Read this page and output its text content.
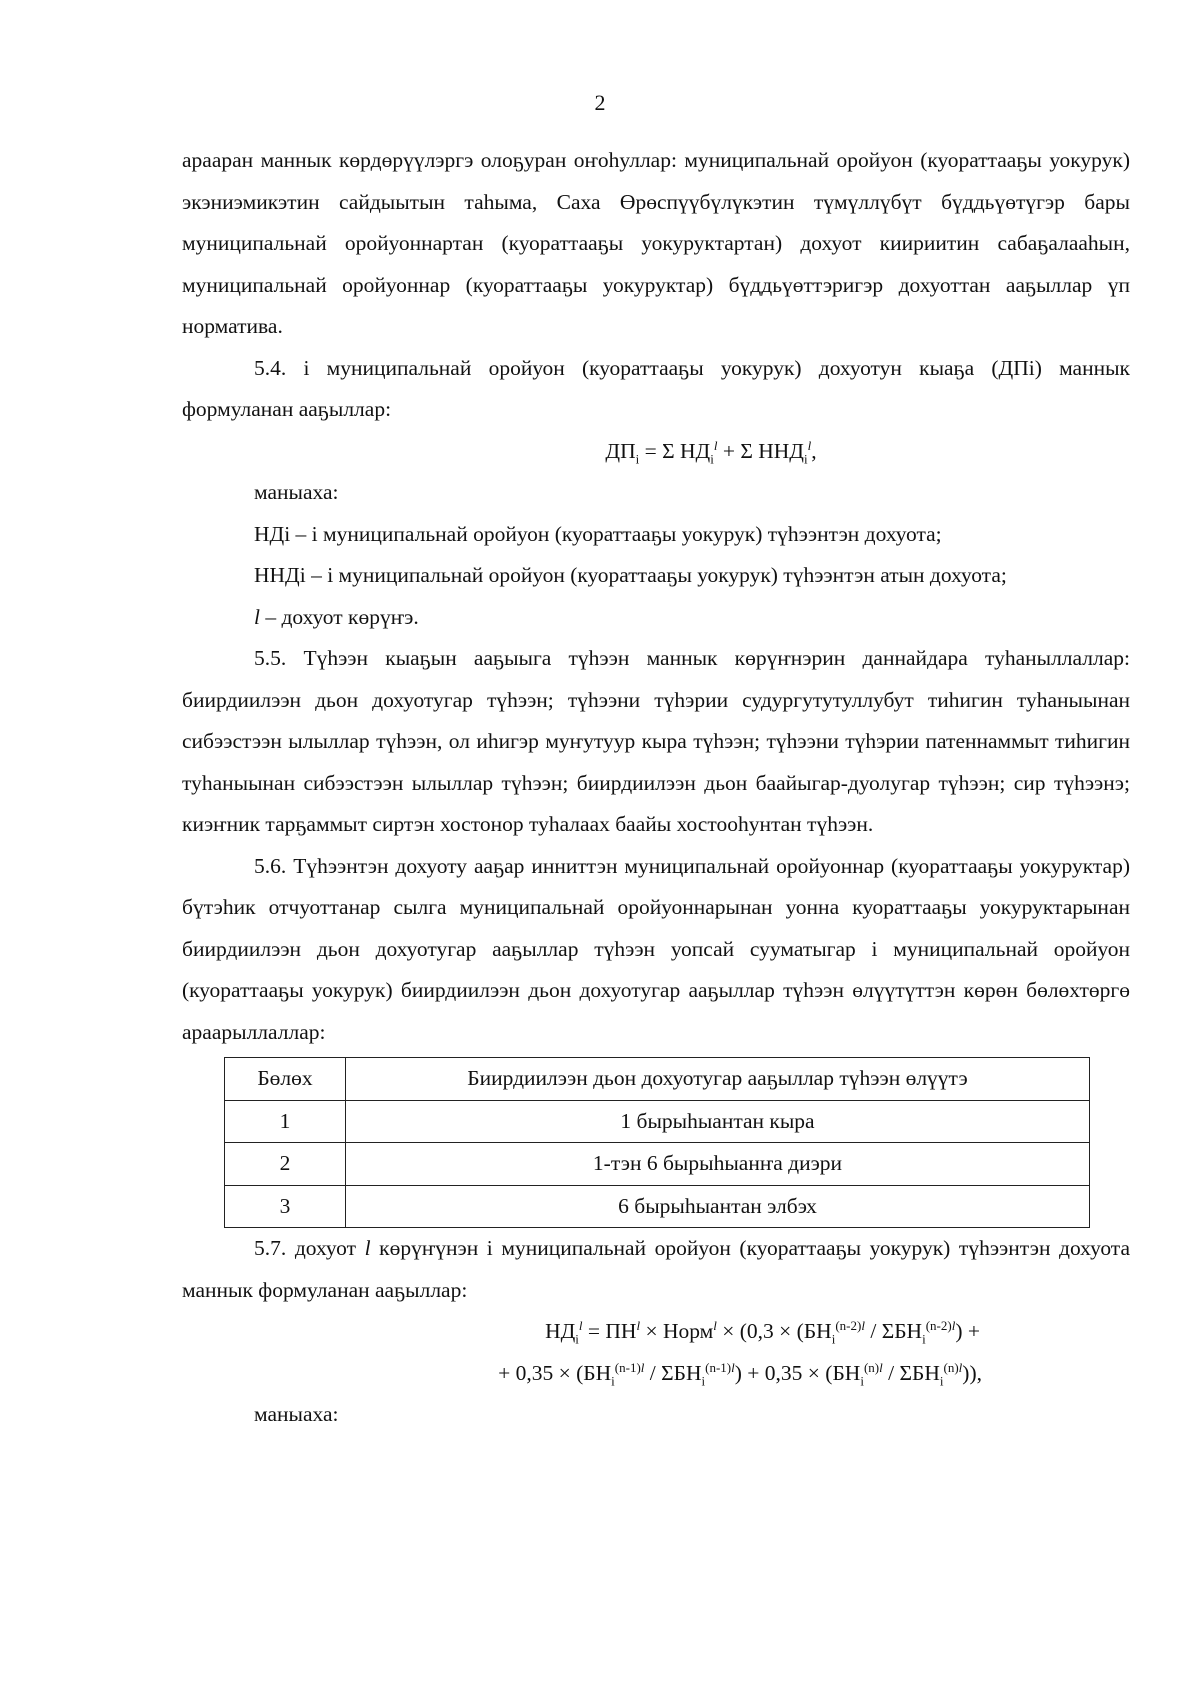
2

арааран маннык көрдөрүүлэргэ олоҕуран оҥоһуллар: муниципальнай оройуон (куораттааҕы уокурук) экэниэмикэтин сайдыытын таһыма, Саха Өрөспүүбүлүкэтин түмүллүбүт бүддьүөтүгэр бары муниципальнай оройуоннартан (куораттааҕы уокуруктартан) дохуот киириитин сабаҕалааһын, муниципальнай оройуоннар (куораттааҕы уокуруктар) бүддьүөттэригэр дохуоттан ааҕыллар үп норматива.

5.4. i муниципальнай оройуон (куораттааҕы уокурук) дохуотун кыаҕа (ДПi) маннык формуланан ааҕыллар:

$ДП_i = \Sigma$ $НД_i^l + \Sigma$ $ННД_i^l$,

маныаха:

НДi – i муниципальнай оройуон (куораттааҕы уокурук) түһээнтэн дохуота;

ННДi – i муниципальнай оройуон (куораттааҕы уокурук) түһээнтэн атын дохуота;

l – дохуот көрүҥэ.

5.5. Түһээн кыаҕын ааҕыыга түһээн маннык көрүҥнэрин даннайдара туһаныллаллар: биирдиилээн дьон дохуотугар түһээн; түһээни түһэрии судургутутуллубут тиһигин туһаныынан сибээстээн ылыллар түһээн, ол иһигэр муҥутуур кыра түһээн; түһээни түһэрии патеннаммыт тиһигин туһаныынан сибээстээн ылыллар түһээн; биирдиилээн дьон баайыгар-дуолугар түһээн; сир түһээнэ; киэҥник тарҕаммыт сиртэн хостонор туһалаах баайы хостооһунтан түһээн.

5.6. Түһээнтэн дохуоту ааҕар инниттэн муниципальнай оройуоннар (куораттааҕы уокуруктар) бүтэһик отчуоттанар сылга муниципальнай оройуоннарынан уонна куораттааҕы уокуруктарынан биирдиилээн дьон дохуотугар ааҕыллар түһээн уопсай сууматыгар i муниципальнай оройуон (куораттааҕы уокурук) биирдиилээн дьон дохуотугар ааҕыллар түһээн өлүүтүттэн көрөн бөлөхтөргө араарыллаллар:

Бөлөх	Биирдиилээн дьон дохуотугар ааҕыллар түһээн өлүүтэ
1	1 бырыһыантан кыра
2	1-тэн 6 бырыһыанҥа диэри
3	6 бырыһыантан элбэх

5.7. дохуот l көрүҥүнэн i муниципальнай оройуон (куораттааҕы уокурук) түһээнтэн дохуота маннык формуланан ааҕыллар:

$НД_i^l = ПН^l$ × Норм$^l$ × ($0,3 \times (БН_i^{(n-2)l} / \Sigma БН_i^{(n-2)l})$ +

+ $0,35 \times (БН_i^{(n-1)l} / \Sigma БН_i^{(n-1)l}) + 0,35 \times (БН_i^{(n)l} / \Sigma БН_i^{(n)l})$),

маныаха:
